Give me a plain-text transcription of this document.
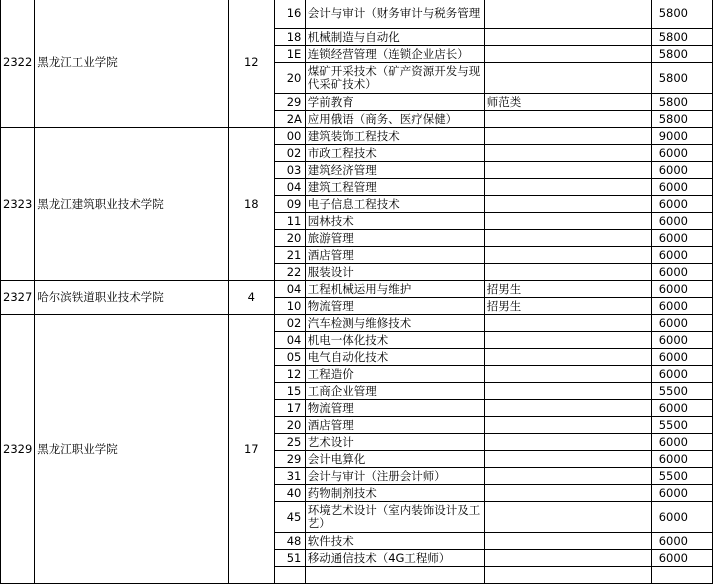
2322	黑龙江工业学院	12	16	会计与审计（财务审计与税务管理		5800
			18	机械制造与自动化		5800
			1E	连锁经营管理（连锁企业店长）		5800
			20	煤矿开采技术（矿产资源开发与现代采矿技术）		5800
			29	学前教育	师范类	5800
			2A	应用俄语（商务、医疗保健）		5800
2323	黑龙江建筑职业技术学院	18	00	建筑装饰工程技术		9000
			02	市政工程技术		6000
			03	建筑经济管理		6000
			04	建筑工程管理		6000
			09	电子信息工程技术		6000
			11	园林技术		6000
			20	旅游管理		6000
			21	酒店管理		6000
			22	服装设计		6000
2327	哈尔滨铁道职业技术学院	4	04	工程机械运用与维护	招男生	6000
			10	物流管理	招男生	6000
2329	黑龙江职业学院	17	02	汽车检测与维修技术		6000
			04	机电一体化技术		6000
			05	电气自动化技术		6000
			12	工程造价		6000
			15	工商企业管理		5500
			17	物流管理		6000
			20	酒店管理		5500
			25	艺术设计		6000
			29	会计电算化		6000
			31	会计与审计（注册会计师）		5500
			40	药物制剂技术		6000
			45	环境艺术设计（室内装饰设计及工艺）		6000
			48	软件技术		6000
			51	移动通信技术（4G工程师）		6000
